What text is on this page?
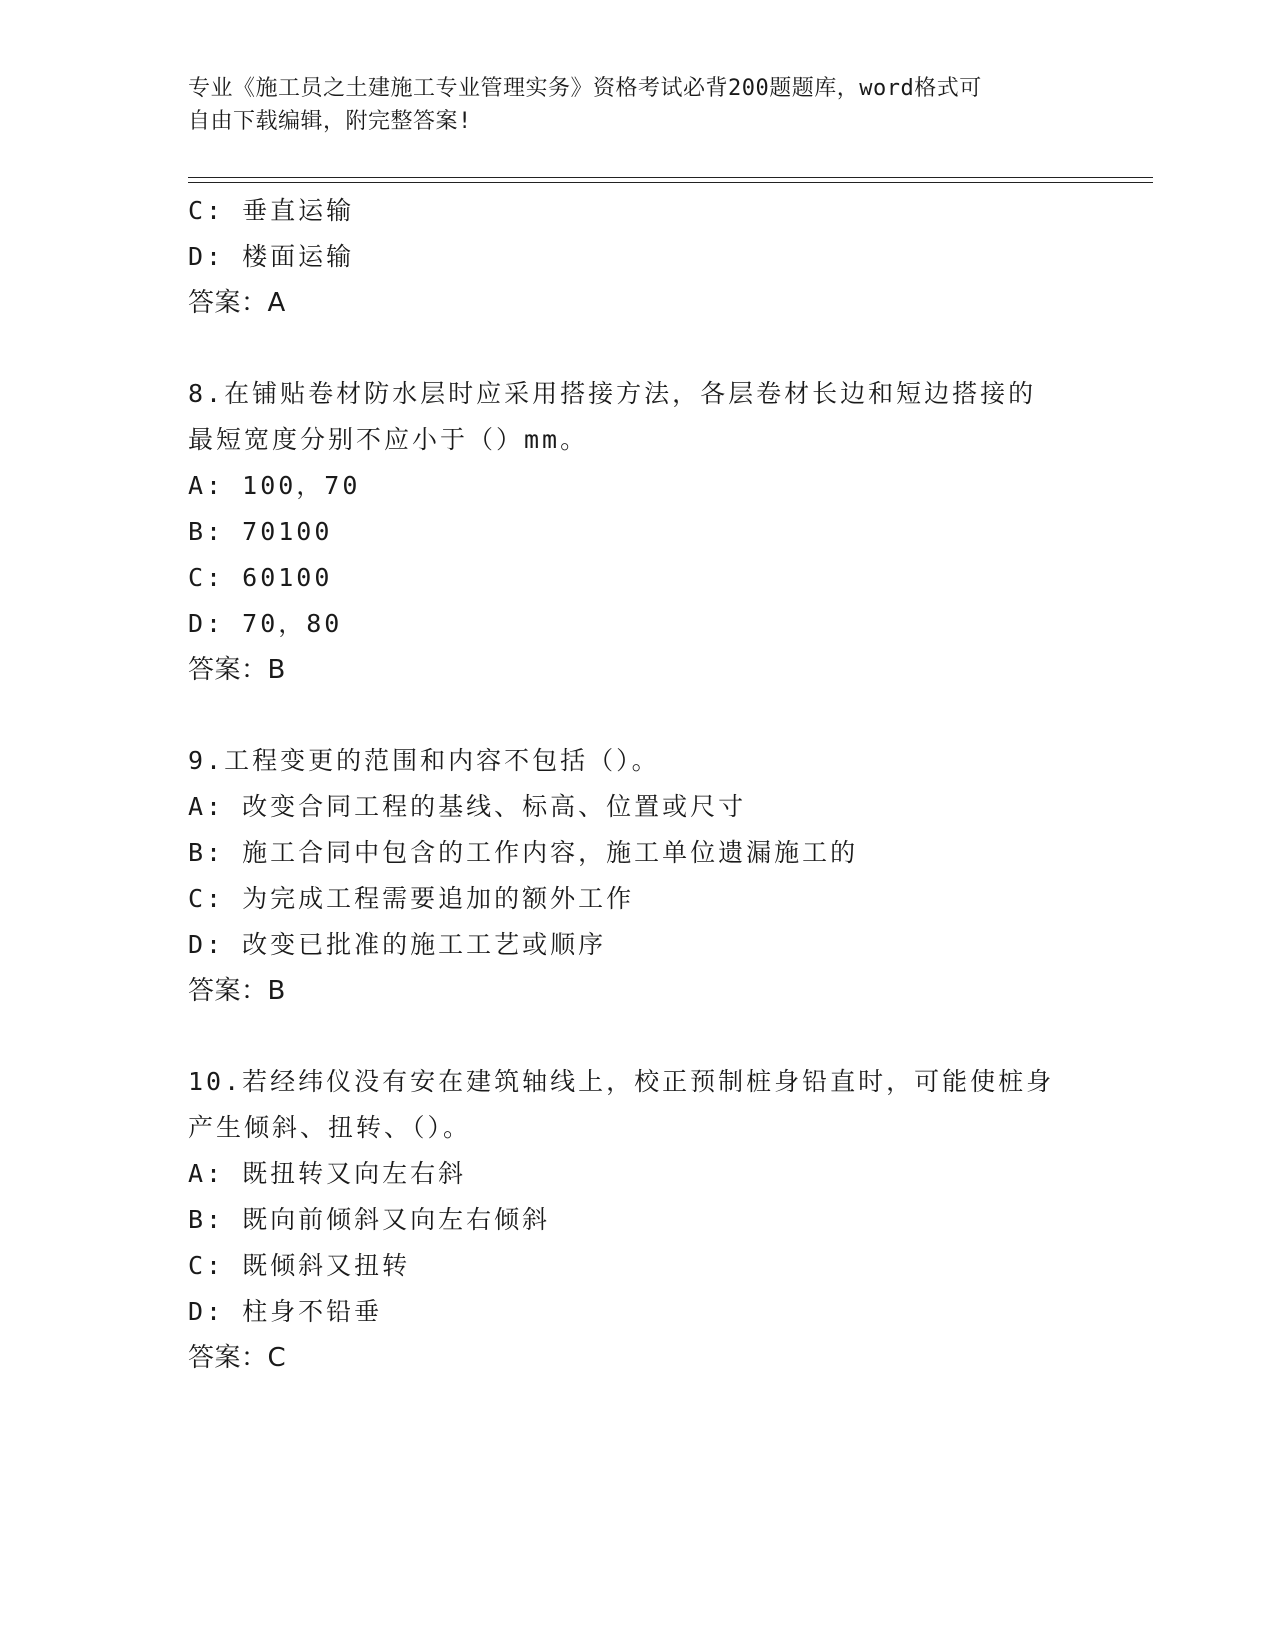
专业《施工员之土建施工专业管理实务》资格考试必背200题题库，word格式可
自由下载编辑，附完整答案!
C: 垂直运输
D: 楼面运输
答案：A
8.在铺贴卷材防水层时应采用搭接方法，各层卷材长边和短边搭接的
最短宽度分别不应小于（）mm。
A: 100，70
B: 70100
C: 60100
D: 70，80
答案：B
9.工程变更的范围和内容不包括（）。
A: 改变合同工程的基线、标高、位置或尺寸
B: 施工合同中包含的工作内容，施工单位遗漏施工的
C: 为完成工程需要追加的额外工作
D: 改变已批准的施工工艺或顺序
答案：B
10.若经纬仪没有安在建筑轴线上，校正预制桩身铅直时，可能使桩身
产生倾斜、扭转、（）。
A: 既扭转又向左右斜
B: 既向前倾斜又向左右倾斜
C: 既倾斜又扭转
D: 柱身不铅垂
答案：C
